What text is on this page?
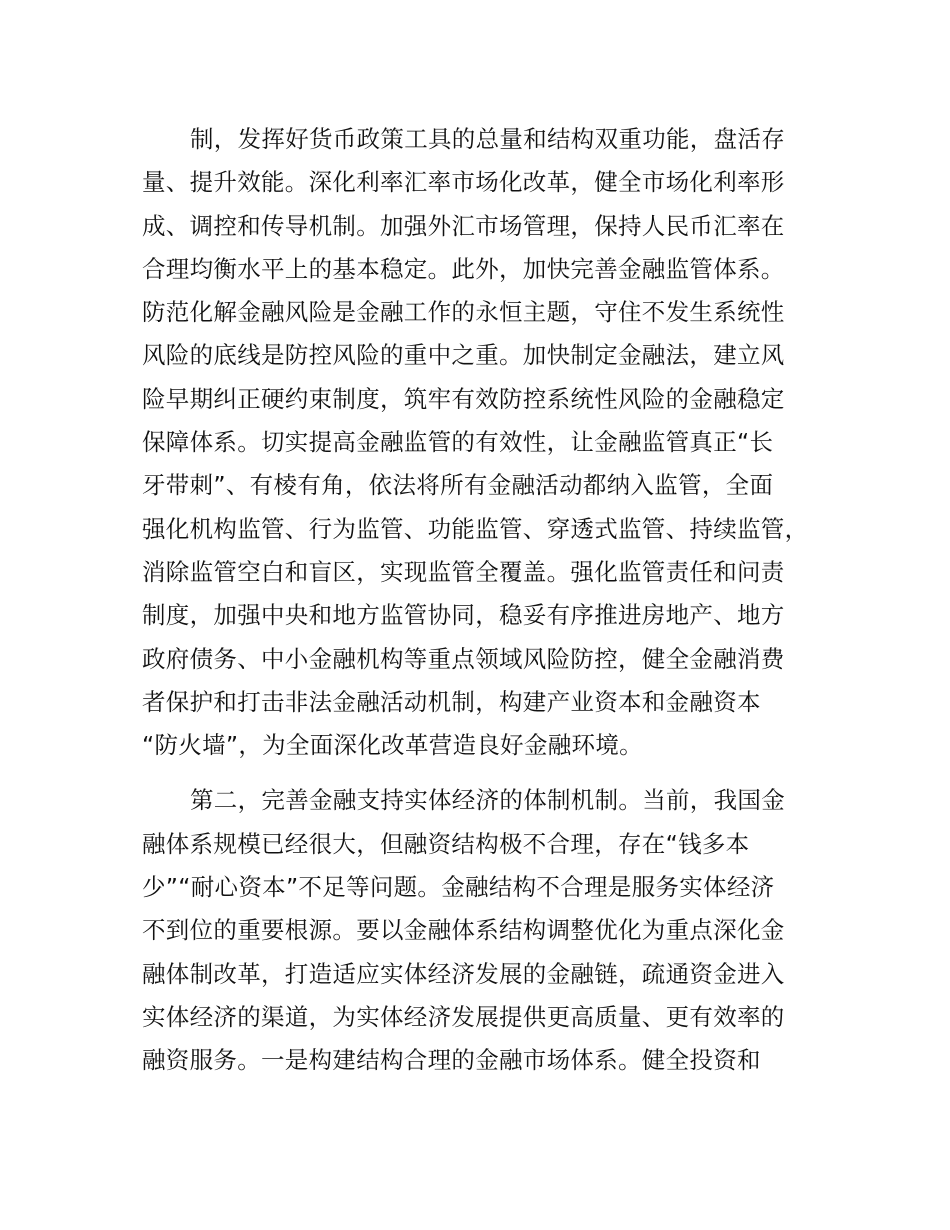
制，发挥好货币政策工具的总量和结构双重功能，盘活存
量、提升效能。深化利率汇率市场化改革，健全市场化利率形
成、调控和传导机制。加强外汇市场管理，保持人民币汇率在
合理均衡水平上的基本稳定。此外，加快完善金融监管体系。
防范化解金融风险是金融工作的永恒主题，守住不发生系统性
风险的底线是防控风险的重中之重。加快制定金融法，建立风
险早期纠正硬约束制度，筑牢有效防控系统性风险的金融稳定
保障体系。切实提高金融监管的有效性，让金融监管真正“长
牙带刺”、有棱有角，依法将所有金融活动都纳入监管，全面
强化机构监管、行为监管、功能监管、穿透式监管、持续监管，
消除监管空白和盲区，实现监管全覆盖。强化监管责任和问责
制度，加强中央和地方监管协同，稳妥有序推进房地产、地方
政府债务、中小金融机构等重点领域风险防控，健全金融消费
者保护和打击非法金融活动机制，构建产业资本和金融资本
“防火墙”，为全面深化改革营造良好金融环境。
第二，完善金融支持实体经济的体制机制。当前，我国金
融体系规模已经很大，但融资结构极不合理，存在“钱多本
少”“耐心资本”不足等问题。金融结构不合理是服务实体经济
不到位的重要根源。要以金融体系结构调整优化为重点深化金
融体制改革，打造适应实体经济发展的金融链，疏通资金进入
实体经济的渠道，为实体经济发展提供更高质量、更有效率的
融资服务。一是构建结构合理的金融市场体系。健全投资和
